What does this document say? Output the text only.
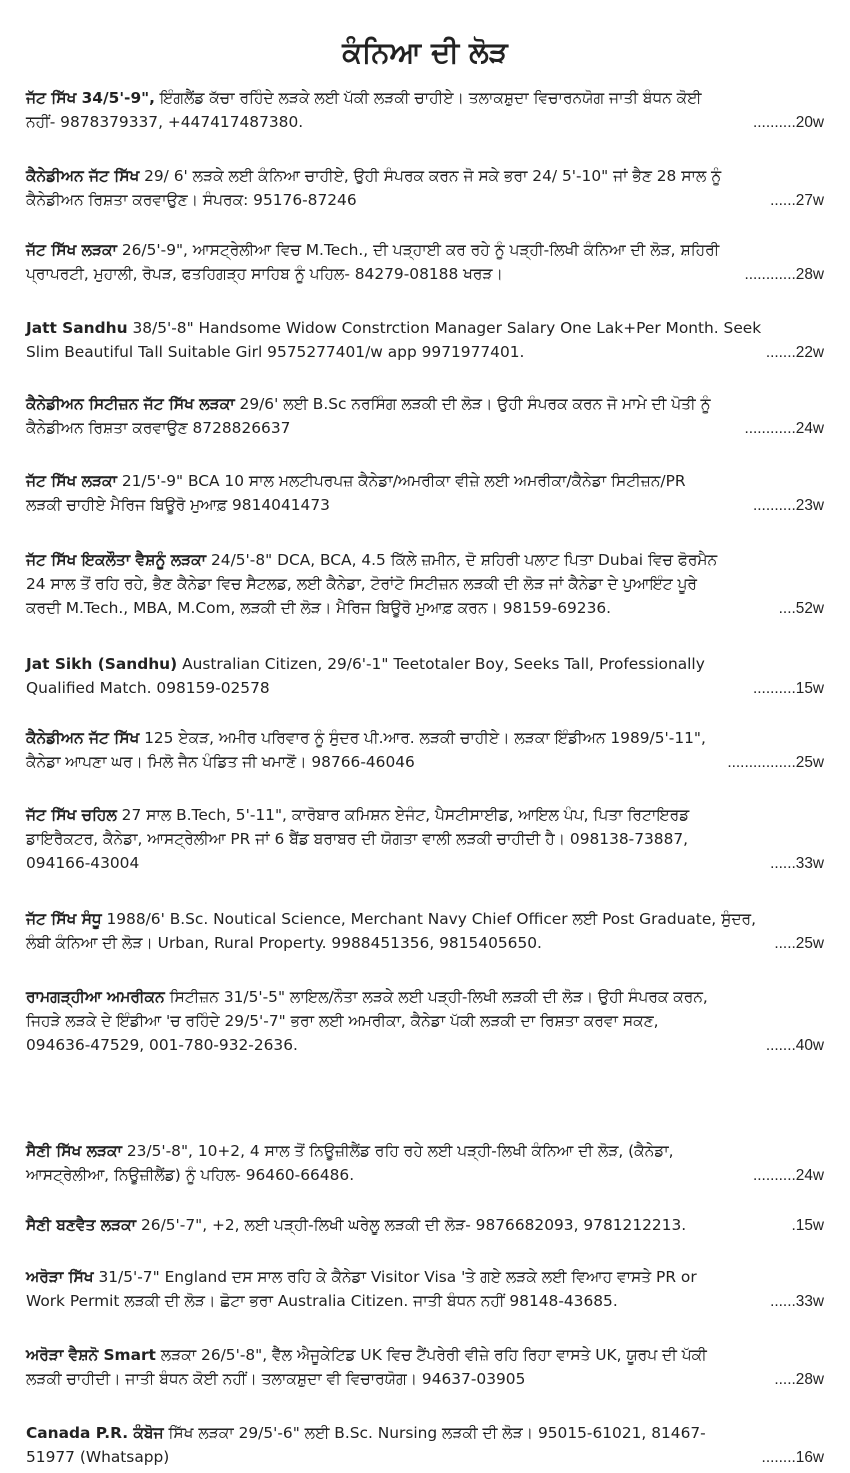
ਕੰਨਿਆ ਦੀ ਲੋੜ
ਜੱਟ ਸਿੱਖ 34/5'-9", ਇੰਗਲੈਂਡ ਕੱਚਾ ਰਹਿੰਦੇ ਲੜਕੇ ਲਈ ਪੱਕੀ ਲੜਕੀ ਚਾਹੀਏ। ਤਲਾਕਸ਼ੁਦਾ ਵਿਚਾਰਨਯੋਗ ਜਾਤੀ ਬੰਧਨ ਕੋਈ
ਨਹੀਂ- 9878379337, +447417487380.	..........20w
ਕੈਨੇਡੀਅਨ ਜੱਟ ਸਿੱਖ 29/ 6' ਲੜਕੇ ਲਈ ਕੰਨਿਆ ਚਾਹੀਏ, ਉਹੀ ਸੰਪਰਕ ਕਰਨ ਜੋ ਸਕੇ ਭਰਾ 24/ 5'-10" ਜਾਂ ਭੈਣ 28 ਸਾਲ ਨੂੰ
ਕੈਨੇਡੀਅਨ ਰਿਸ਼ਤਾ ਕਰਵਾਉਣ। ਸੰਪਰਕ: 95176-87246	......27w
ਜੱਟ ਸਿੱਖ ਲੜਕਾ 26/5'-9", ਆਸਟ੍ਰੇਲੀਆ ਵਿਚ M.Tech., ਦੀ ਪੜ੍ਹਾਈ ਕਰ ਰਹੇ ਨੂੰ ਪੜ੍ਹੀ-ਲਿਖੀ ਕੰਨਿਆ ਦੀ ਲੋੜ, ਸ਼ਹਿਰੀ
ਪ੍ਰਾਪਰਟੀ, ਮੁਹਾਲੀ, ਰੋਪੜ, ਫਤਹਿਗੜ੍ਹ ਸਾਹਿਬ ਨੂੰ ਪਹਿਲ- 84279-08188 ਖਰੜ।	............28w
Jatt Sandhu 38/5'-8" Handsome Widow Constrction Manager Salary One Lak+Per Month. Seek
Slim Beautiful Tall Suitable Girl 9575277401/w app 9971977401.	.......22w
ਕੈਨੇਡੀਅਨ ਸਿਟੀਜ਼ਨ ਜੱਟ ਸਿੱਖ ਲੜਕਾ 29/6' ਲਈ B.Sc ਨਰਸਿੰਗ ਲੜਕੀ ਦੀ ਲੋੜ। ਉਹੀ ਸੰਪਰਕ ਕਰਨ ਜੋ ਮਾਮੇ ਦੀ ਪੋਤੀ ਨੂੰ
ਕੈਨੇਡੀਅਨ ਰਿਸ਼ਤਾ ਕਰਵਾਉਣ 8728826637	............24w
ਜੱਟ ਸਿੱਖ ਲੜਕਾ 21/5'-9" BCA 10 ਸਾਲ ਮਲਟੀਪਰਪਜ਼ ਕੈਨੇਡਾ/ਅਮਰੀਕਾ ਵੀਜ਼ੇ ਲਈ ਅਮਰੀਕਾ/ਕੈਨੇਡਾ ਸਿਟੀਜ਼ਨ/PR
ਲੜਕੀ ਚਾਹੀਏ ਮੈਰਿਜ ਬਿਊਰੋ ਮੁਆਫ਼ 9814041473	..........23w
ਜੱਟ ਸਿੱਖ ਇਕਲੌਤਾ ਵੈਸ਼ਨੂੰ ਲੜਕਾ 24/5'-8" DCA, BCA, 4.5 ਕਿੱਲੇ ਜ਼ਮੀਨ, ਦੋ ਸ਼ਹਿਰੀ ਪਲਾਟ ਪਿਤਾ Dubai ਵਿਚ ਫੋਰਮੈਨ
24 ਸਾਲ ਤੋਂ ਰਹਿ ਰਹੇ, ਭੈਣ ਕੈਨੇਡਾ ਵਿਚ ਸੈਟਲਡ, ਲਈ ਕੈਨੇਡਾ, ਟੋਰਾਂਟੋ ਸਿਟੀਜ਼ਨ ਲੜਕੀ ਦੀ ਲੋੜ ਜਾਂ ਕੈਨੇਡਾ ਦੇ ਪੁਆਇੰਟ ਪੂਰੇ
ਕਰਦੀ M.Tech., MBA, M.Com, ਲੜਕੀ ਦੀ ਲੋੜ। ਮੈਰਿਜ ਬਿਊਰੋ ਮੁਆਫ਼ ਕਰਨ। 98159-69236.	....52w
Jat Sikh (Sandhu) Australian Citizen, 29/6'-1" Teetotaler Boy, Seeks Tall, Professionally
Qualified Match. 098159-02578	..........15w
ਕੈਨੇਡੀਅਨ ਜੱਟ ਸਿੱਖ 125 ਏਕੜ, ਅਮੀਰ ਪਰਿਵਾਰ ਨੂੰ ਸੁੰਦਰ ਪੀ.ਆਰ. ਲੜਕੀ ਚਾਹੀਏ। ਲੜਕਾ ਇੰਡੀਅਨ 1989/5'-11",
ਕੈਨੇਡਾ ਆਪਣਾ ਘਰ। ਮਿਲੋ ਜੈਨ ਪੰਡਿਤ ਜੀ ਖਮਾਣੋਂ। 98766-46046	................25w
ਜੱਟ ਸਿੱਖ ਚਹਿਲ 27 ਸਾਲ B.Tech, 5'-11", ਕਾਰੋਬਾਰ ਕਮਿਸ਼ਨ ਏਜੰਟ, ਪੈਸਟੀਸਾਈਡ, ਆਇਲ ਪੰਪ, ਪਿਤਾ ਰਿਟਾਇਰਡ
ਡਾਇਰੈਕਟਰ, ਕੈਨੇਡਾ, ਆਸਟ੍ਰੇਲੀਆ PR ਜਾਂ 6 ਬੈਂਡ ਬਰਾਬਰ ਦੀ ਯੋਗਤਾ ਵਾਲੀ ਲੜਕੀ ਚਾਹੀਦੀ ਹੈ। 098138-73887,
094166-43004	......33w
ਜੱਟ ਸਿੱਖ ਸੰਧੂ 1988/6' B.Sc. Noutical Science, Merchant Navy Chief Officer ਲਈ Post Graduate, ਸੁੰਦਰ,
ਲੰਬੀ ਕੰਨਿਆ ਦੀ ਲੋੜ। Urban, Rural Property. 9988451356, 9815405650.	.....25w
ਰਾਮਗੜ੍ਹੀਆ ਅਮਰੀਕਨ ਸਿਟੀਜ਼ਨ 31/5'-5" ਲਾਇਲ/ਨੌਤਾ ਲੜਕੇ ਲਈ ਪੜ੍ਹੀ-ਲਿਖੀ ਲੜਕੀ ਦੀ ਲੋੜ। ਉਹੀ ਸੰਪਰਕ ਕਰਨ,
ਜਿਹੜੇ ਲੜਕੇ ਦੇ ਇੰਡੀਆ 'ਚ ਰਹਿੰਦੇ 29/5'-7" ਭਰਾ ਲਈ ਅਮਰੀਕਾ, ਕੈਨੇਡਾ ਪੱਕੀ ਲੜਕੀ ਦਾ ਰਿਸ਼ਤਾ ਕਰਵਾ ਸਕਣ,
094636-47529, 001-780-932-2636.	.......40w
ਸੈਣੀ ਸਿੱਖ ਲੜਕਾ 23/5'-8", 10+2, 4 ਸਾਲ ਤੋਂ ਨਿਊਜ਼ੀਲੈਂਡ ਰਹਿ ਰਹੇ ਲਈ ਪੜ੍ਹੀ-ਲਿਖੀ ਕੰਨਿਆ ਦੀ ਲੋੜ, (ਕੈਨੇਡਾ,
ਆਸਟ੍ਰੇਲੀਆ, ਨਿਊਜ਼ੀਲੈਂਡ) ਨੂੰ ਪਹਿਲ- 96460-66486.	..........24w
ਸੈਣੀ ਬਣਵੈਤ ਲੜਕਾ 26/5'-7", +2, ਲਈ ਪੜ੍ਹੀ-ਲਿਖੀ ਘਰੇਲੂ ਲੜਕੀ ਦੀ ਲੋੜ- 9876682093, 9781212213.	.15w
ਅਰੋੜਾ ਸਿੱਖ 31/5'-7" England ਦਸ ਸਾਲ ਰਹਿ ਕੇ ਕੈਨੇਡਾ Visitor Visa 'ਤੇ ਗਏ ਲੜਕੇ ਲਈ ਵਿਆਹ ਵਾਸਤੇ PR or
Work Permit ਲੜਕੀ ਦੀ ਲੋੜ। ਛੋਟਾ ਭਰਾ Australia Citizen. ਜਾਤੀ ਬੰਧਨ ਨਹੀਂ 98148-43685.	......33w
ਅਰੋੜਾ ਵੈਸ਼ਨੋ Smart ਲੜਕਾ 26/5'-8", ਵੈੱਲ ਐਜੂਕੇਟਿਡ UK ਵਿਚ ਟੈਂਪਰੇਰੀ ਵੀਜ਼ੇ ਰਹਿ ਰਿਹਾ ਵਾਸਤੇ UK, ਯੂਰਪ ਦੀ ਪੱਕੀ
ਲੜਕੀ ਚਾਹੀਦੀ। ਜਾਤੀ ਬੰਧਨ ਕੋਈ ਨਹੀਂ। ਤਲਾਕਸ਼ੁਦਾ ਵੀ ਵਿਚਾਰਯੋਗ। 94637-03905	.....28w
Canada P.R. ਕੰਬੋਜ ਸਿੱਖ ਲੜਕਾ 29/5'-6" ਲਈ B.Sc. Nursing ਲੜਕੀ ਦੀ ਲੋੜ। 95015-61021, 81467-
51977 (Whatsapp)	........16w
